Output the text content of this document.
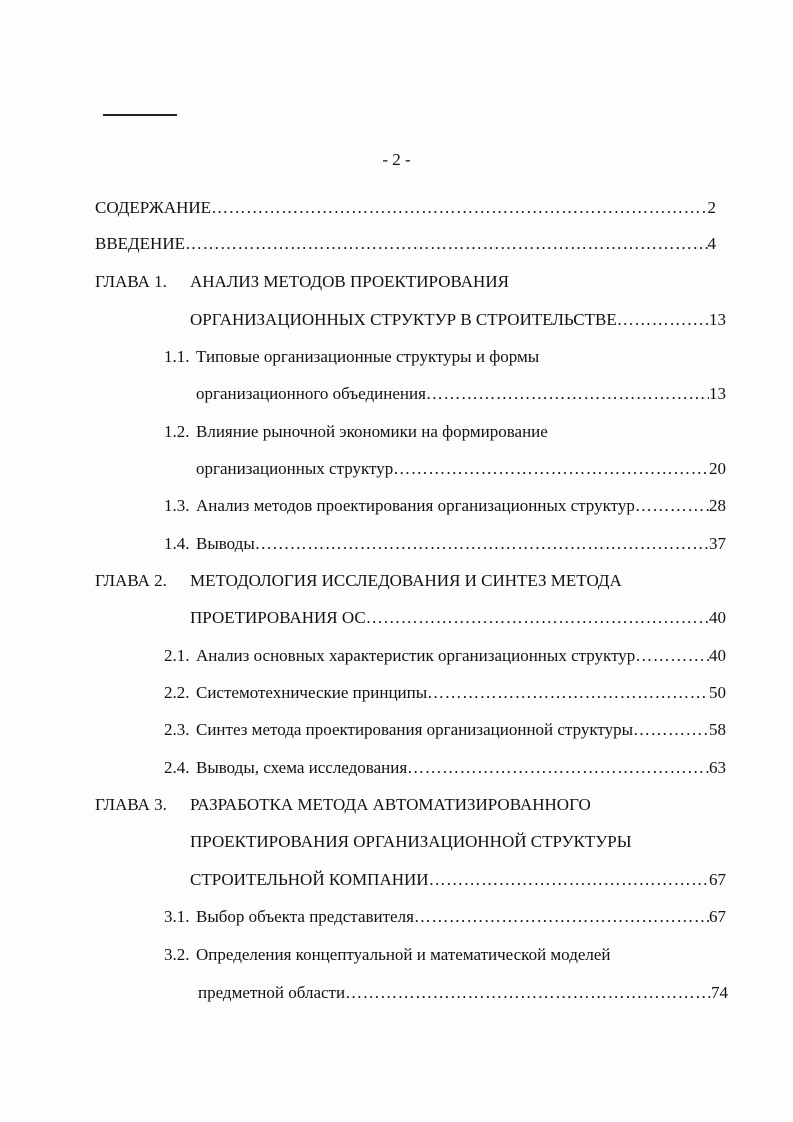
- 2 -
СОДЕРЖАНИЕ ……………………………………………………………………………………………………………………………………	2
ВВЕДЕНИЕ ……………………………………………………………………………………………………………………………………	4
ГЛАВА 1. АНАЛИЗ МЕТОДОВ ПРОЕКТИРОВАНИЯ
ОРГАНИЗАЦИОННЫХ СТРУКТУР В СТРОИТЕЛЬСТВЕ ……………………………………………………………………………………………………………………………………	13
1.1. Типовые организационные структуры и формы
организационного объединения ……………………………………………………………………………………………………………………………………	13
1.2. Влияние рыночной экономики на формирование
организационных структур ……………………………………………………………………………………………………………………………………	20
1.3. Анализ методов проектирования организационных структур ……………………………………………………………………………………………………………………………………	28
1.4. Выводы ……………………………………………………………………………………………………………………………………	37
ГЛАВА 2. МЕТОДОЛОГИЯ ИССЛЕДОВАНИЯ И СИНТЕЗ МЕТОДА
ПРОЕТИРОВАНИЯ ОС ……………………………………………………………………………………………………………………………………	40
2.1. Анализ основных характеристик организационных структур ……………………………………………………………………………………………………………………………………	40
2.2. Системотехнические принципы ……………………………………………………………………………………………………………………………………	50
2.3. Синтез метода проектирования организационной структуры ……………………………………………………………………………………………………………………………………	58
2.4. Выводы, схема исследования ……………………………………………………………………………………………………………………………………	63
ГЛАВА 3. РАЗРАБОТКА МЕТОДА АВТОМАТИЗИРОВАННОГО
ПРОЕКТИРОВАНИЯ ОРГАНИЗАЦИОННОЙ СТРУКТУРЫ
СТРОИТЕЛЬНОЙ КОМПАНИИ ……………………………………………………………………………………………………………………………………	67
3.1. Выбор объекта представителя ……………………………………………………………………………………………………………………………………	67
3.2. Определения концептуальной и математической моделей
предметной области ……………………………………………………………………………………………………………………………………	74
